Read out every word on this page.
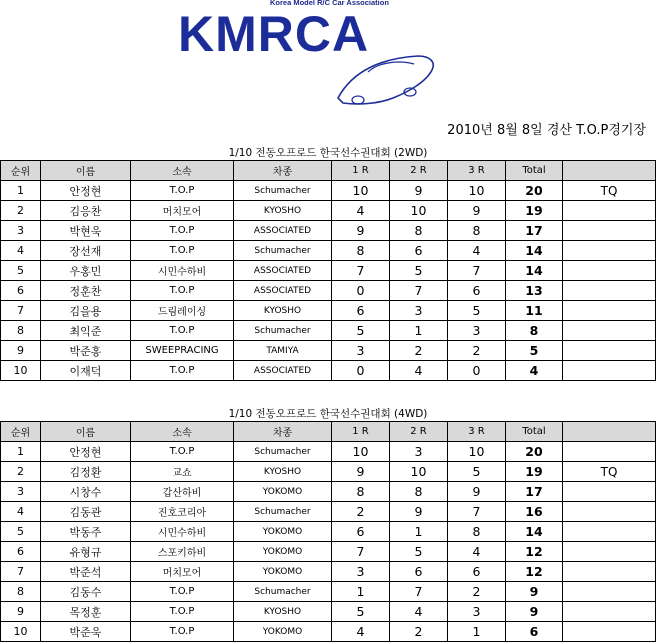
Korea Model R/C Car Association
KMRCA
2010년 8월 8일 경산 T.O.P경기장
1/10 전동오프로드 한국선수권대회 (2WD)
순위	이름	소속	차종	1 R	2 R	3 R	Total	
1	안정현	T.O.P	Schumacher	10	9	10	20	TQ
2	김응찬	머치모어	KYOSHO	4	10	9	19	
3	박현욱	T.O.P	ASSOCIATED	9	8	8	17	
4	장선재	T.O.P	Schumacher	8	6	4	14	
5	우홍민	시민수하비	ASSOCIATED	7	5	7	14	
6	정훈찬	T.O.P	ASSOCIATED	0	7	6	13	
7	김을용	드림레이싱	KYOSHO	6	3	5	11	
8	최익준	T.O.P	Schumacher	5	1	3	8	
9	박준홍	SWEEPRACING	TAMIYA	3	2	2	5	
10	이재덕	T.O.P	ASSOCIATED	0	4	0	4	
1/10 전동오프로드 한국선수권대회 (4WD)
순위	이름	소속	차종	1 R	2 R	3 R	Total	
1	안정현	T.O.P	Schumacher	10	3	10	20	
2	김정환	교쇼	KYOSHO	9	10	5	19	TQ
3	시창수	갑산하비	YOKOMO	8	8	9	17	
4	김동관	진호코리아	Schumacher	2	9	7	16	
5	박동주	시민수하비	YOKOMO	6	1	8	14	
6	유형규	스포키하비	YOKOMO	7	5	4	12	
7	박준석	머치모어	YOKOMO	3	6	6	12	
8	김동수	T.O.P	Schumacher	1	7	2	9	
9	목정훈	T.O.P	KYOSHO	5	4	3	9	
10	박준욱	T.O.P	YOKOMO	4	2	1	6	
